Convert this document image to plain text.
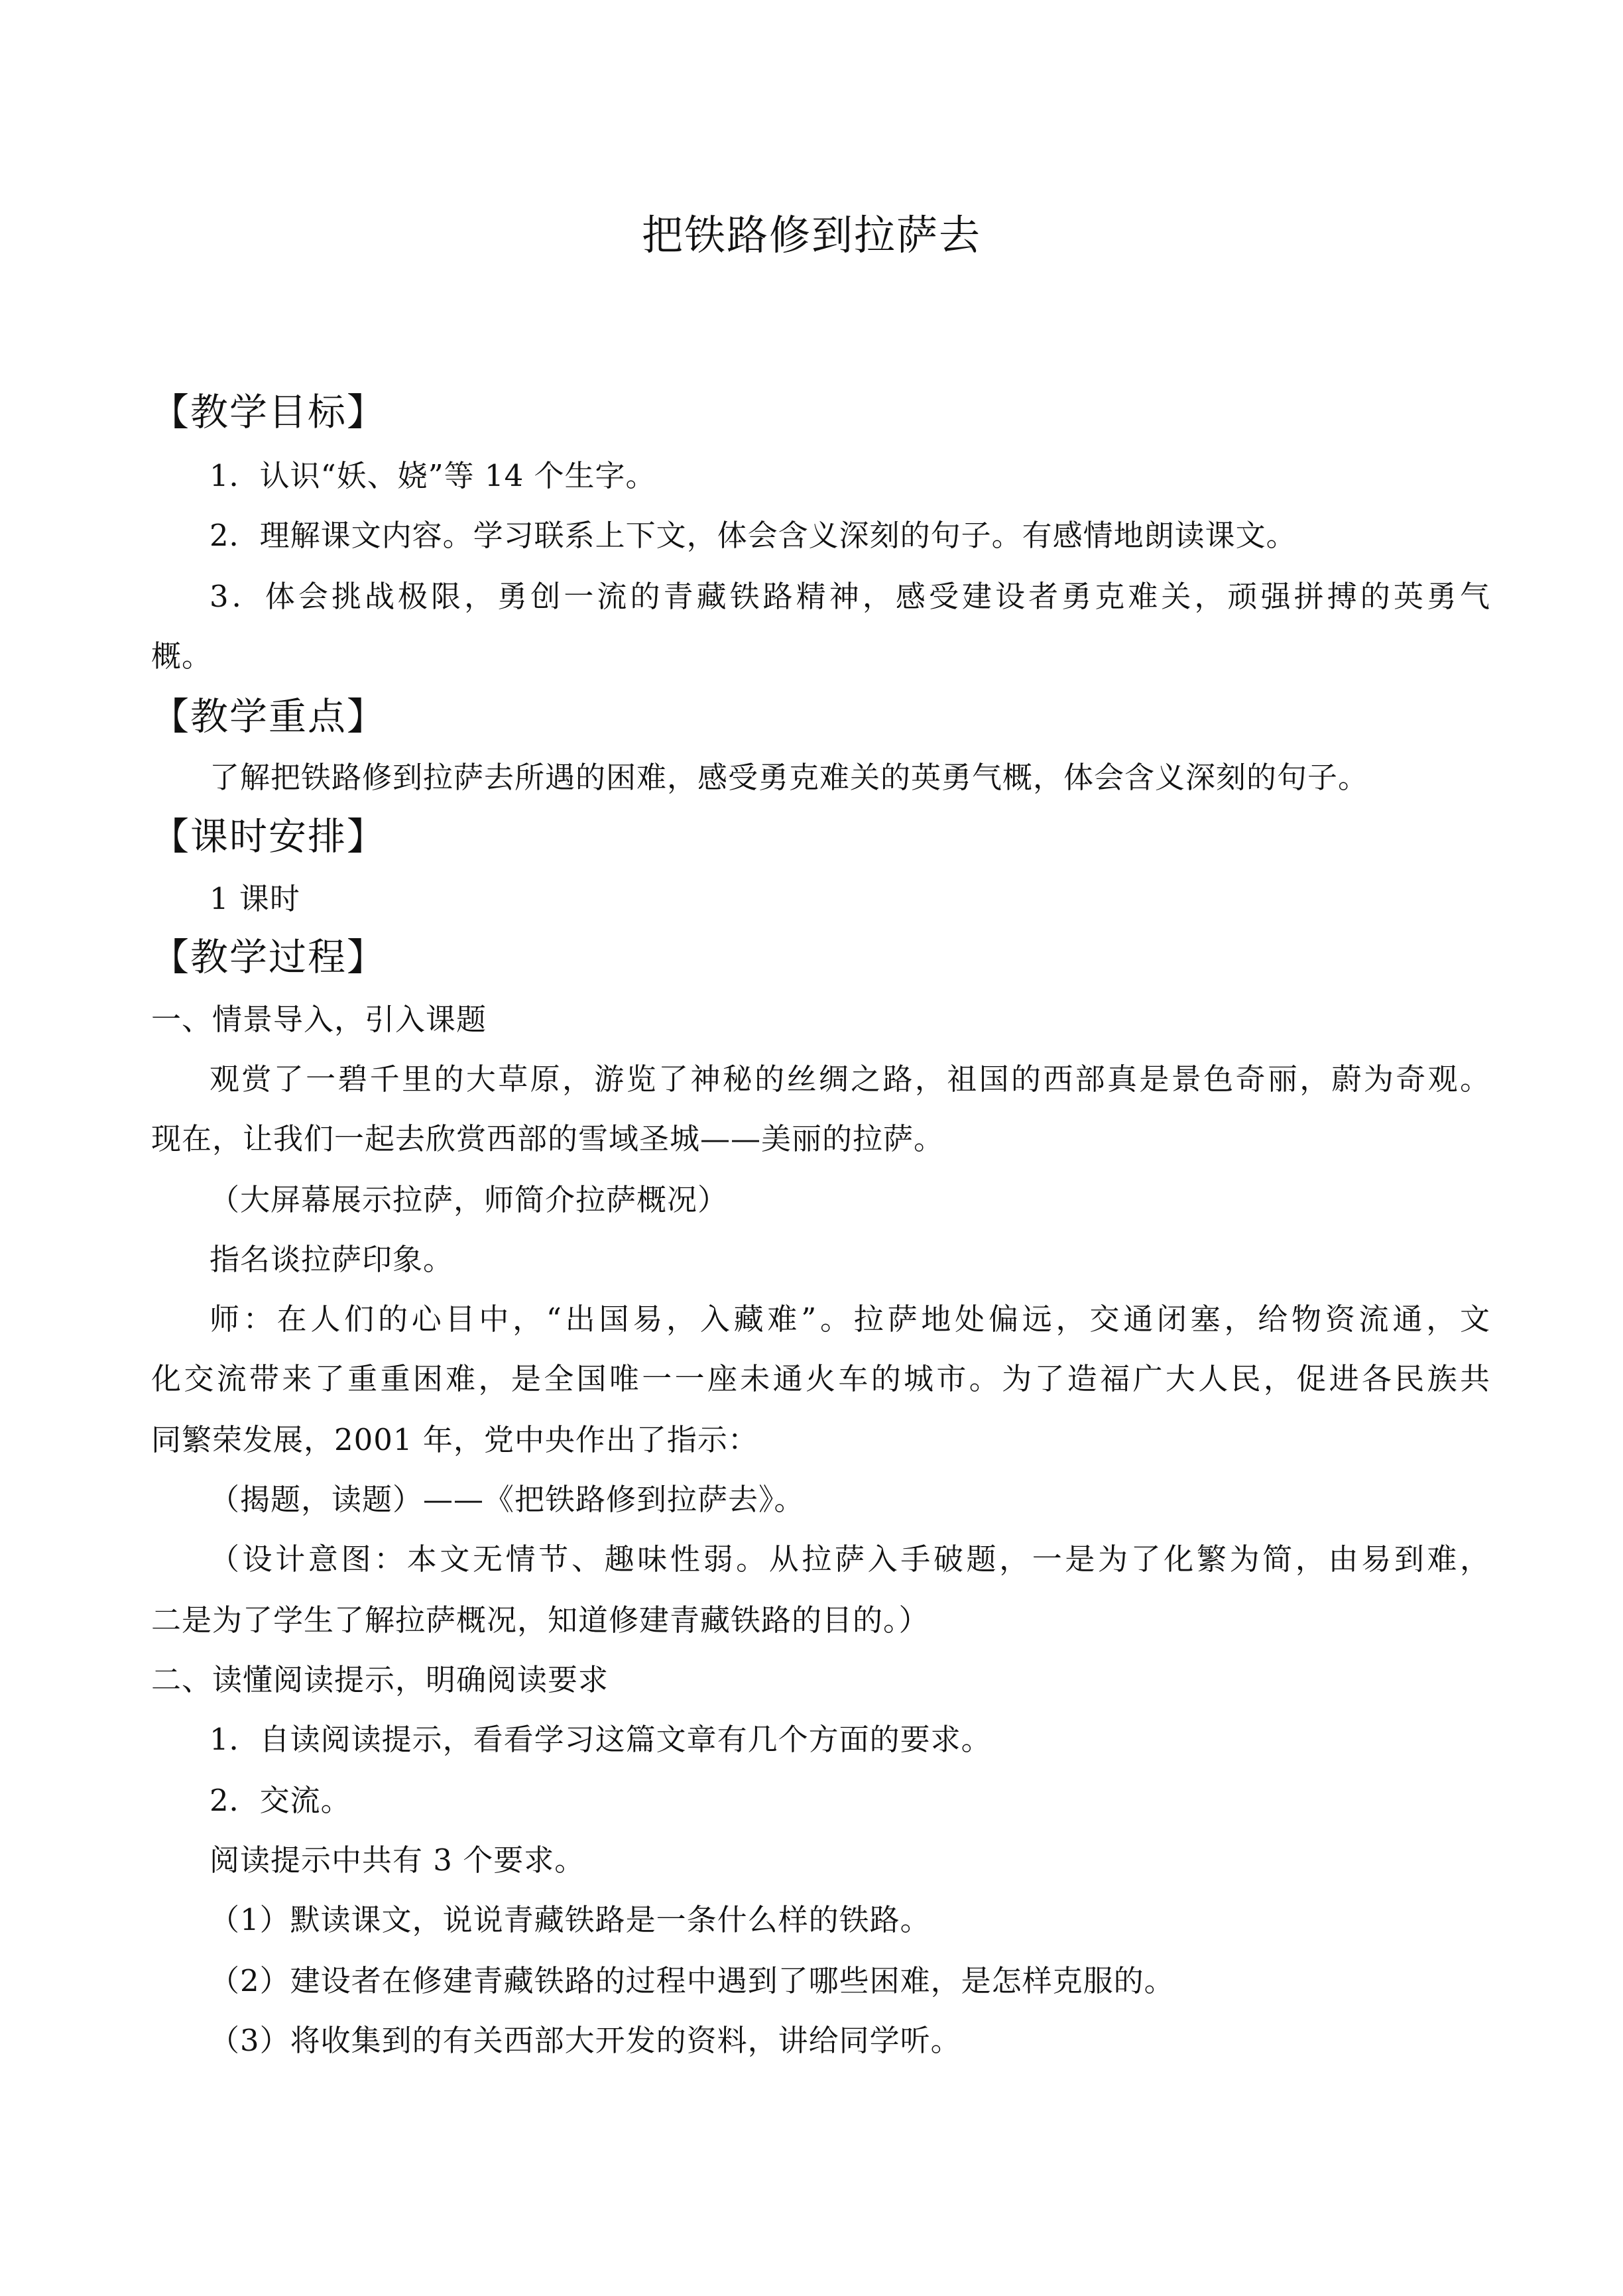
把铁路修到拉萨去
【教学目标】
1．认识“妖、娆”等 14 个生字。
2．理解课文内容。学习联系上下文，体会含义深刻的句子。有感情地朗读课文。
3．体会挑战极限，勇创一流的青藏铁路精神，感受建设者勇克难关，顽强拼搏的英勇气
概。
【教学重点】
了解把铁路修到拉萨去所遇的困难，感受勇克难关的英勇气概，体会含义深刻的句子。
【课时安排】
1 课时
【教学过程】
一、情景导入，引入课题
观赏了一碧千里的大草原，游览了神秘的丝绸之路，祖国的西部真是景色奇丽，蔚为奇观。
现在，让我们一起去欣赏西部的雪域圣城——美丽的拉萨。
（大屏幕展示拉萨，师简介拉萨概况）
指名谈拉萨印象。
师：在人们的心目中，“出国易，入藏难”。拉萨地处偏远，交通闭塞，给物资流通，文
化交流带来了重重困难，是全国唯一一座未通火车的城市。为了造福广大人民，促进各民族共
同繁荣发展，2001 年，党中央作出了指示：
（揭题，读题）——《把铁路修到拉萨去》。
（设计意图：本文无情节、趣味性弱。从拉萨入手破题，一是为了化繁为简，由易到难，
二是为了学生了解拉萨概况，知道修建青藏铁路的目的。）
二、读懂阅读提示，明确阅读要求
1．自读阅读提示，看看学习这篇文章有几个方面的要求。
2．交流。
阅读提示中共有 3 个要求。
（1）默读课文，说说青藏铁路是一条什么样的铁路。
（2）建设者在修建青藏铁路的过程中遇到了哪些困难，是怎样克服的。
（3）将收集到的有关西部大开发的资料，讲给同学听。
